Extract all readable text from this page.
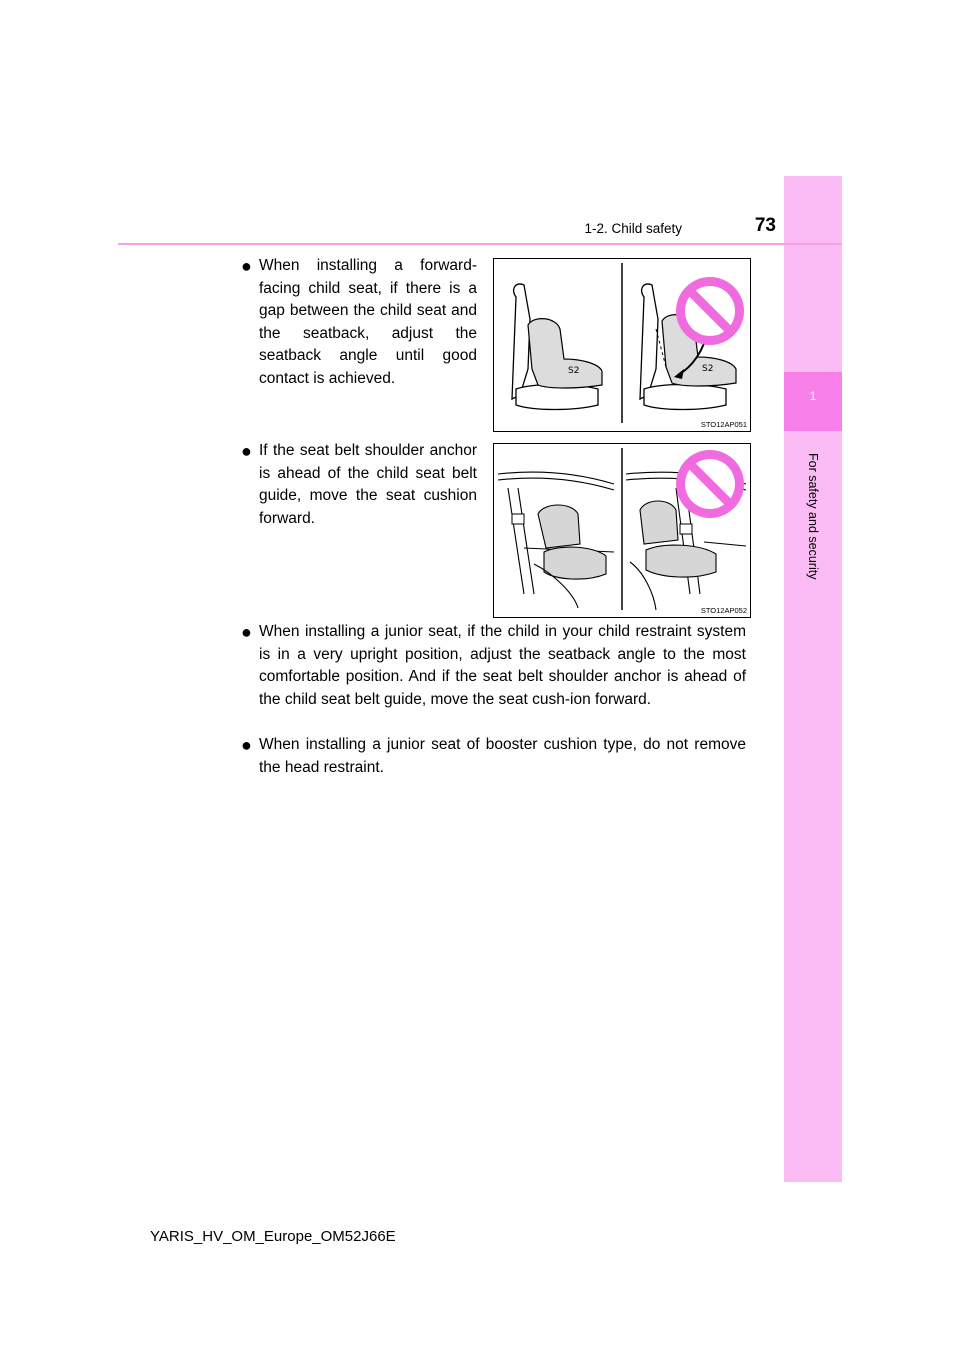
1
For safety and security
1-2. Child safety	73
● When installing a forward-facing child seat, if there is a gap between the child seat and the seatback, adjust the seatback angle until good contact is achieved.	S2	S2
STO12AP051
● If the seat belt shoulder anchor is ahead of the child seat belt guide, move the seat cushion forward.
STO12AP052
● When installing a junior seat, if the child in your child restraint system is in a very upright position, adjust the seatback angle to the most comfortable position. And if the seat belt shoulder anchor is ahead of the child seat belt guide, move the seat cush-ion forward.
● When installing a junior seat of booster cushion type, do not remove the head restraint.
YARIS_HV_OM_Europe_OM52J66E
